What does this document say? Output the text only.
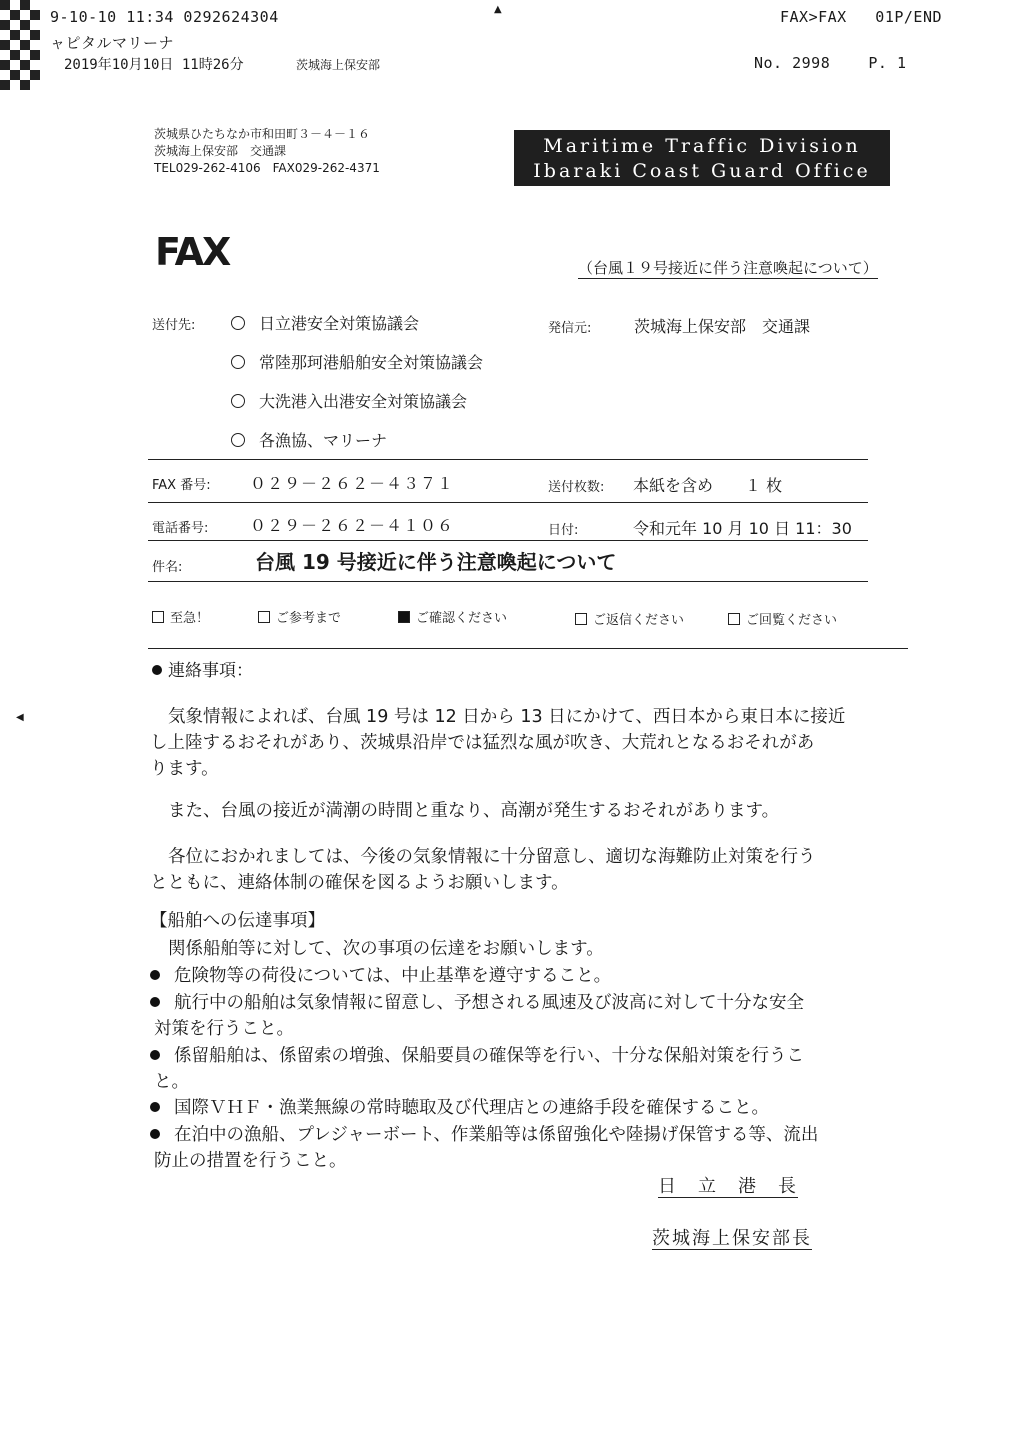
9-10-10 11:34 0292624304
ャピタルマリーナ
2019年10月10日 11時26分	茨城海上保安部
▲	FAX>FAX   01P/END
No. 2998    P. 1
茨城県ひたちなか市和田町３－４－１６
茨城海上保安部　交通課
TEL029-262-4106　FAX029-262-4371
Maritime Traffic Division
Ibaraki Coast Guard Office
FAX	（台風１９号接近に伴う注意喚起について）
送付先:	日立港安全対策協議会
常陸那珂港船舶安全対策協議会
大洗港入出港安全対策協議会
各漁協、マリーナ
発信元:	茨城海上保安部　交通課
FAX 番号: ０２９－２６２－４３７１	送付枚数: 本紙を含め　　１ 枚
電話番号:	０２９－２６２－４１０６	日付:	令和元年 10 月 10 日 11：30
件名:	台風 19 号接近に伴う注意喚起について
至急！	ご参考まで	ご確認ください	ご返信ください	ご回覧ください
◀
連絡事項：
気象情報によれば、台風 19 号は 12 日から 13 日にかけて、西日本から東日本に接近
し上陸するおそれがあり、茨城県沿岸では猛烈な風が吹き、大荒れとなるおそれがあ
ります。
また、台風の接近が満潮の時間と重なり、高潮が発生するおそれがあります。
各位におかれましては、今後の気象情報に十分留意し、適切な海難防止対策を行う
とともに、連絡体制の確保を図るようお願いします。
【船舶への伝達事項】
関係船舶等に対して、次の事項の伝達をお願いします。
危険物等の荷役については、中止基準を遵守すること。
航行中の船舶は気象情報に留意し、予想される風速及び波高に対して十分な安全
対策を行うこと。
係留船舶は、係留索の増強、保船要員の確保等を行い、十分な保船対策を行うこ
と。
国際ＶＨＦ・漁業無線の常時聴取及び代理店との連絡手段を確保すること。
在泊中の漁船、プレジャーボート、作業船等は係留強化や陸揚げ保管する等、流出
防止の措置を行うこと。
日　立　港　長
茨城海上保安部長
